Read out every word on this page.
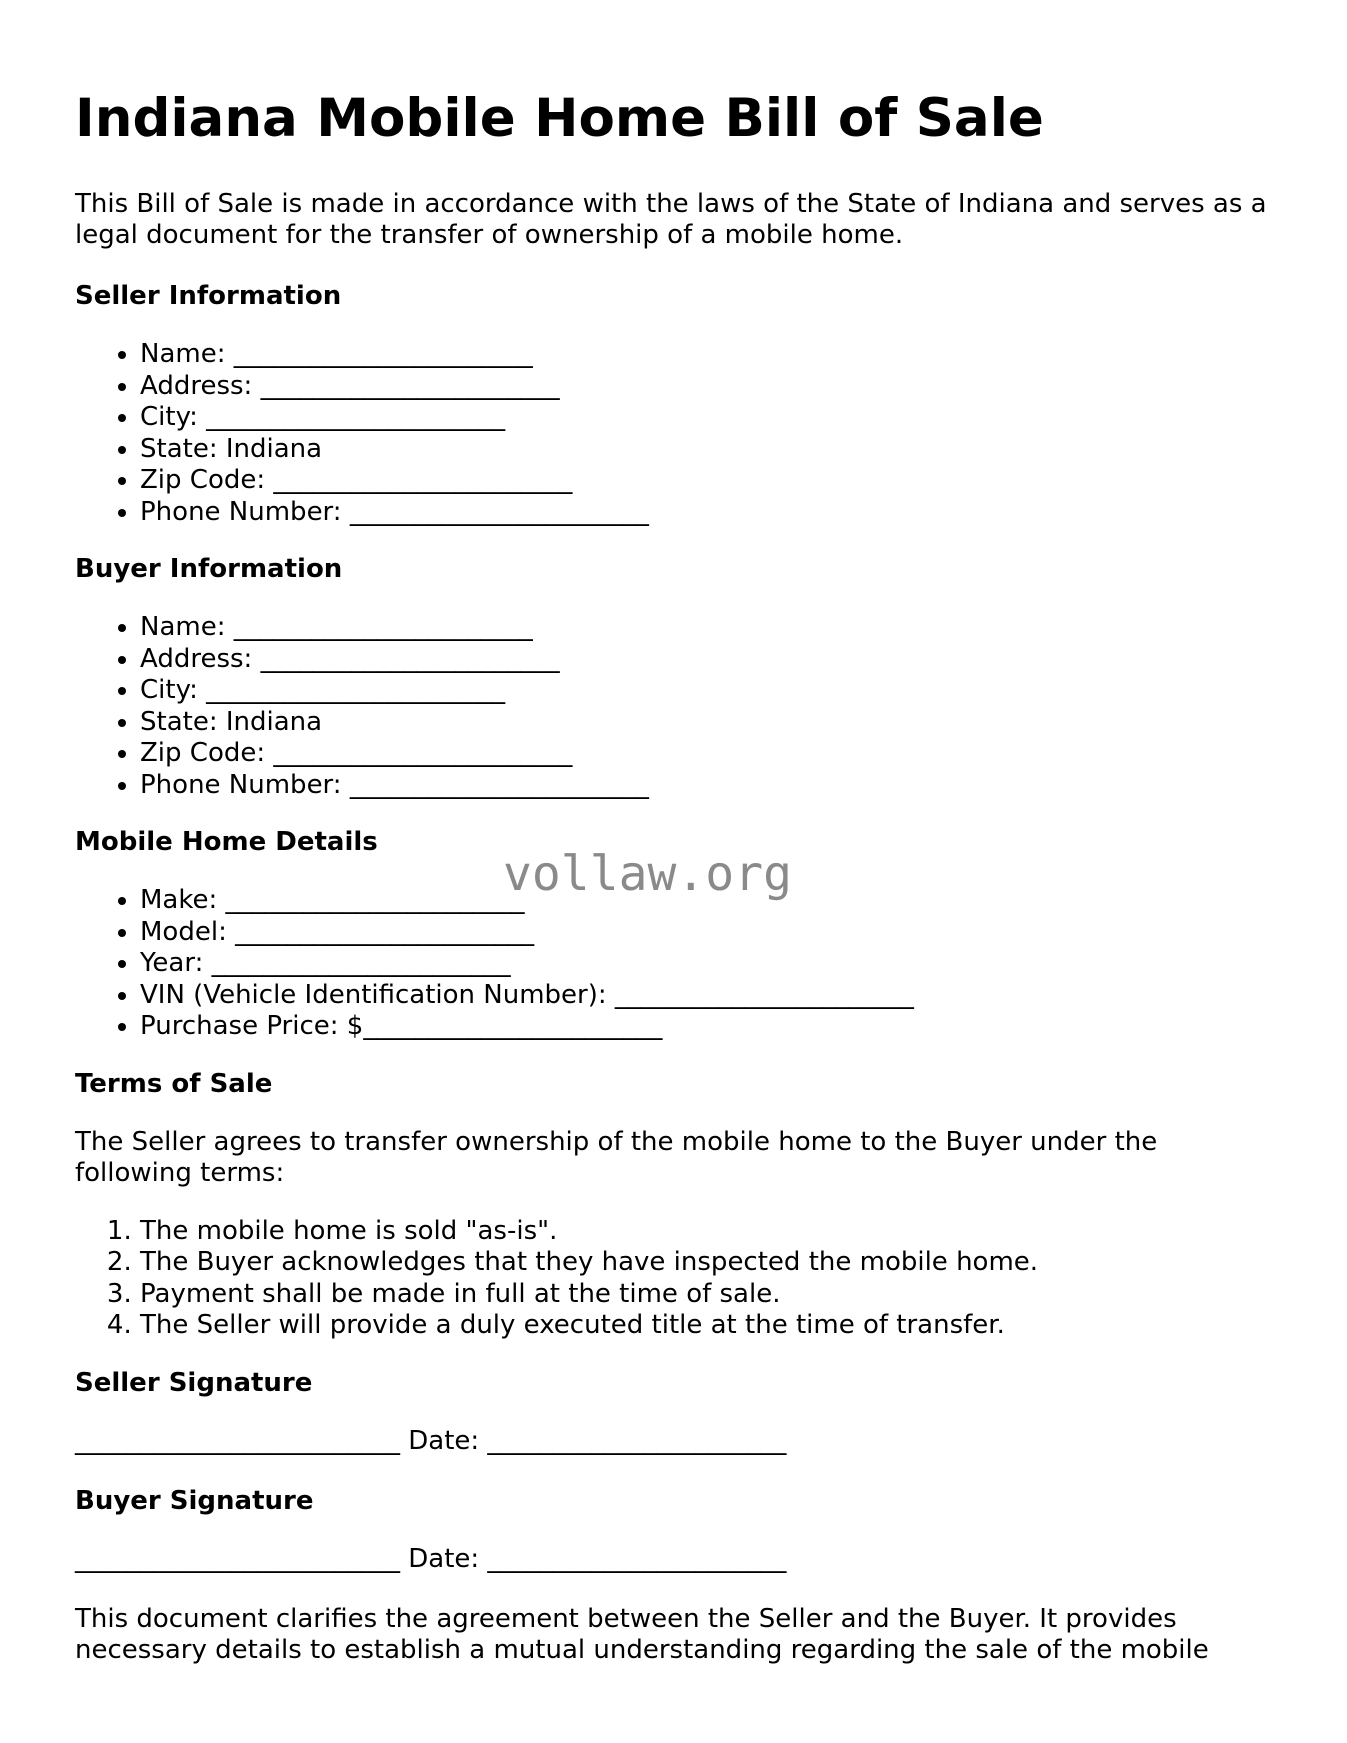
Indiana Mobile Home Bill of Sale

This Bill of Sale is made in accordance with the laws of the State of Indiana and serves as a legal document for the transfer of ownership of a mobile home.

Seller Information
• Name: _______________________
• Address: _______________________
• City: _______________________
• State: Indiana
• Zip Code: _______________________
• Phone Number: _______________________
Buyer Information
• Name: _______________________
• Address: _______________________
• City: _______________________
• State: Indiana
• Zip Code: _______________________
• Phone Number: _______________________
Mobile Home Details
• Make: _______________________
• Model: _______________________
• Year: _______________________
• VIN (Vehicle Identification Number): _______________________
• Purchase Price: $_______________________
Terms of Sale

The Seller agrees to transfer ownership of the mobile home to the Buyer under the following terms:

1. The mobile home is sold "as-is".
2. The Buyer acknowledges that they have inspected the mobile home.
3. Payment shall be made in full at the time of sale.
4. The Seller will provide a duly executed title at the time of transfer.
Seller Signature

_________________________ Date: _______________________

Buyer Signature

_________________________ Date: _______________________

This document clarifies the agreement between the Seller and the Buyer. It provides necessary details to establish a mutual understanding regarding the sale of the mobile

vollaw.org
